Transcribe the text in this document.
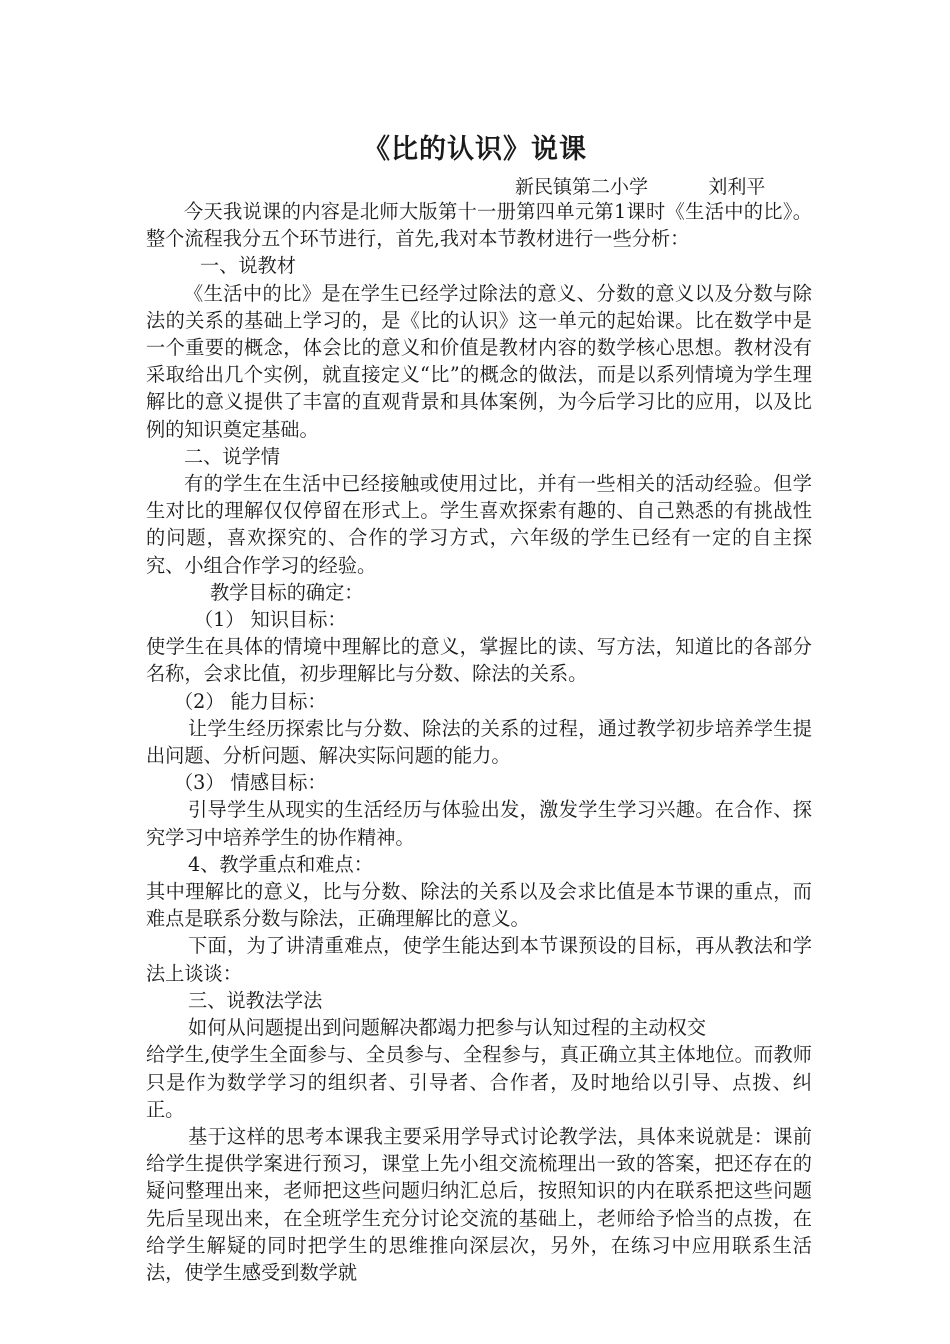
《比的认识》说课
新民镇第二小学          刘利平

今天我说课的内容是北师大版第十一册第四单元第1课时《生活中的比》。整个流程我分五个环节进行，首先,我对本节教材进行一些分析：

一、说教材

《生活中的比》是在学生已经学过除法的意义、分数的意义以及分数与除法的关系的基础上学习的，是《比的认识》这一单元的起始课。比在数学中是一个重要的概念，体会比的意义和价值是教材内容的数学核心思想。教材没有采取给出几个实例，就直接定义“比”的概念的做法，而是以系列情境为学生理解比的意义提供了丰富的直观背景和具体案例，为今后学习比的应用，以及比例的知识奠定基础。

二、说学情

有的学生在生活中已经接触或使用过比，并有一些相关的活动经验。但学生对比的理解仅仅停留在形式上。学生喜欢探索有趣的、自己熟悉的有挑战性的问题，喜欢探究的、合作的学习方式，六年级的学生已经有一定的自主探究、小组合作学习的经验。

教学目标的确定：

（1） 知识目标：

使学生在具体的情境中理解比的意义，掌握比的读、写方法，知道比的各部分名称，会求比值，初步理解比与分数、除法的关系。

（2） 能力目标：

让学生经历探索比与分数、除法的关系的过程，通过教学初步培养学生提出问题、分析问题、解决实际问题的能力。

（3） 情感目标：

引导学生从现实的生活经历与体验出发，激发学生学习兴趣。在合作、探究学习中培养学生的协作精神。

4、教学重点和难点：

其中理解比的意义，比与分数、除法的关系以及会求比值是本节课的重点，而难点是联系分数与除法，正确理解比的意义。

下面，为了讲清重难点，使学生能达到本节课预设的目标，再从教法和学法上谈谈：

三、说教法学法

如何从问题提出到问题解决都竭力把参与认知过程的主动权交

给学生,使学生全面参与、全员参与、全程参与，真正确立其主体地位。而教师只是作为数学学习的组织者、引导者、合作者，及时地给以引导、点拨、纠正。

基于这样的思考本课我主要采用学导式讨论教学法，具体来说就是：课前给学生提供学案进行预习，课堂上先小组交流梳理出一致的答案，把还存在的疑问整理出来，老师把这些问题归纳汇总后，按照知识的内在联系把这些问题先后呈现出来，在全班学生充分讨论交流的基础上，老师给予恰当的点拨，在给学生解疑的同时把学生的思维推向深层次，另外，在练习中应用联系生活法，使学生感受到数学就
